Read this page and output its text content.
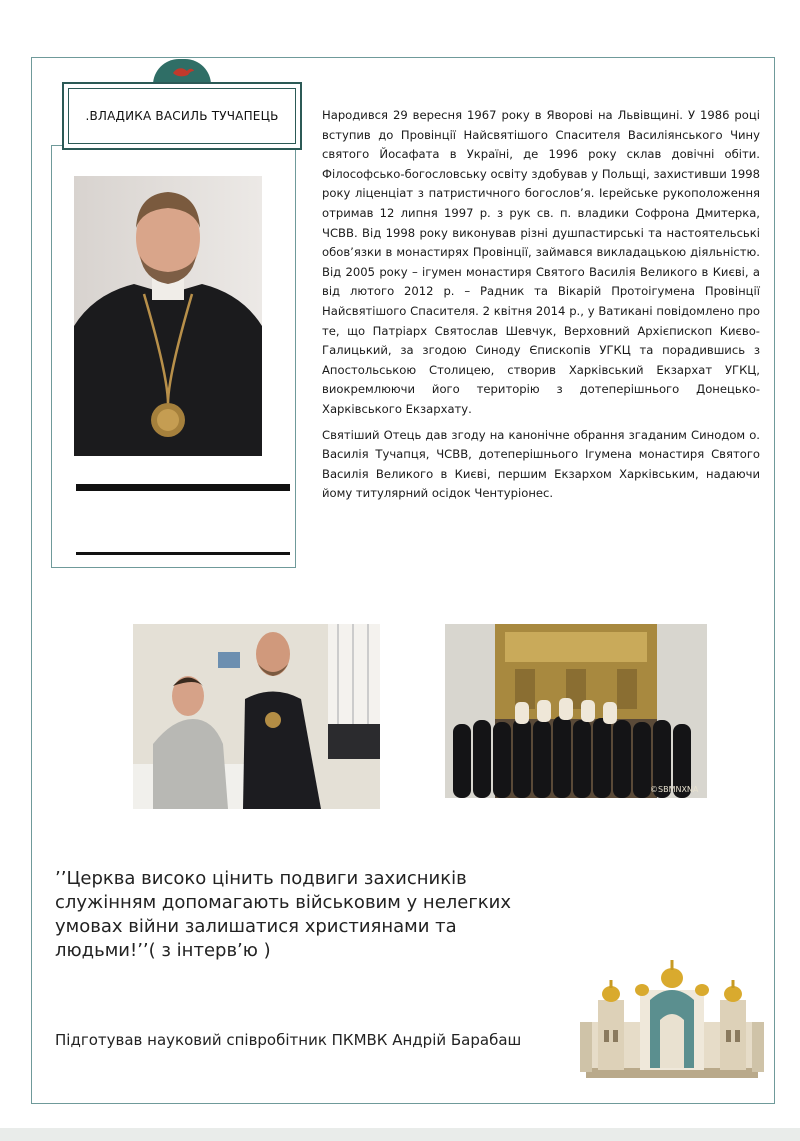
.ВЛАДИКА ВАСИЛЬ ТУЧАПЕЦЬ	Народився 29 вересня 1967 року в Яворові на Львівщині. У 1986 році вступив до Провінції Найсвятішого Спасителя Василіянського Чину святого Йосафата в Україні, де 1996 року склав довічні обіти. Філософсько-богословську освіту здобував у Польщі, захистивши 1998 року ліценціат з патристичного богослов’я. Ієрейське рукоположення отримав 12 липня 1997 р. з рук св. п. владики Софрона Дмитерка, ЧСВВ. Від 1998 року виконував різні душпастирські та настоятельські обов’язки в монастирях Провінції, займався викладацькою діяльністю. Від 2005 року – ігумен монастиря Святого Василія Великого в Києві, а від лютого 2012 р. – Радник та Вікарій Протоігумена Провінції Найсвятішого Спасителя. 2 квітня 2014 р., у Ватикані повідомлено про те, що Патріарх Святослав Шевчук, Верховний Архієпископ Києво-Галицький, за згодою Синоду Єпископів УГКЦ та порадившись з Апостольською Столицею, створив Харківський Екзархат УГКЦ, виокремлюючи його територію з дотеперішнього Донецько-Харківського Екзархату.

Святіший Отець дав згоду на канонічне обрання згаданим Синодом о. Василія Тучапця, ЧСВВ, дотеперішнього Ігумена монастиря Святого Василія Великого в Києві, першим Екзархом Харківським, надаючи йому титулярний осідок Чентуріонес.

©SBMNXNA
’’Церква високо цінить подвиги захисників служінням допомагають військовим у нелегких умовах війни залишатися християнами та людьми!’’( з інтерв’ю )
Підготував науковий співробітник ПКМВК Андрій Барабаш
